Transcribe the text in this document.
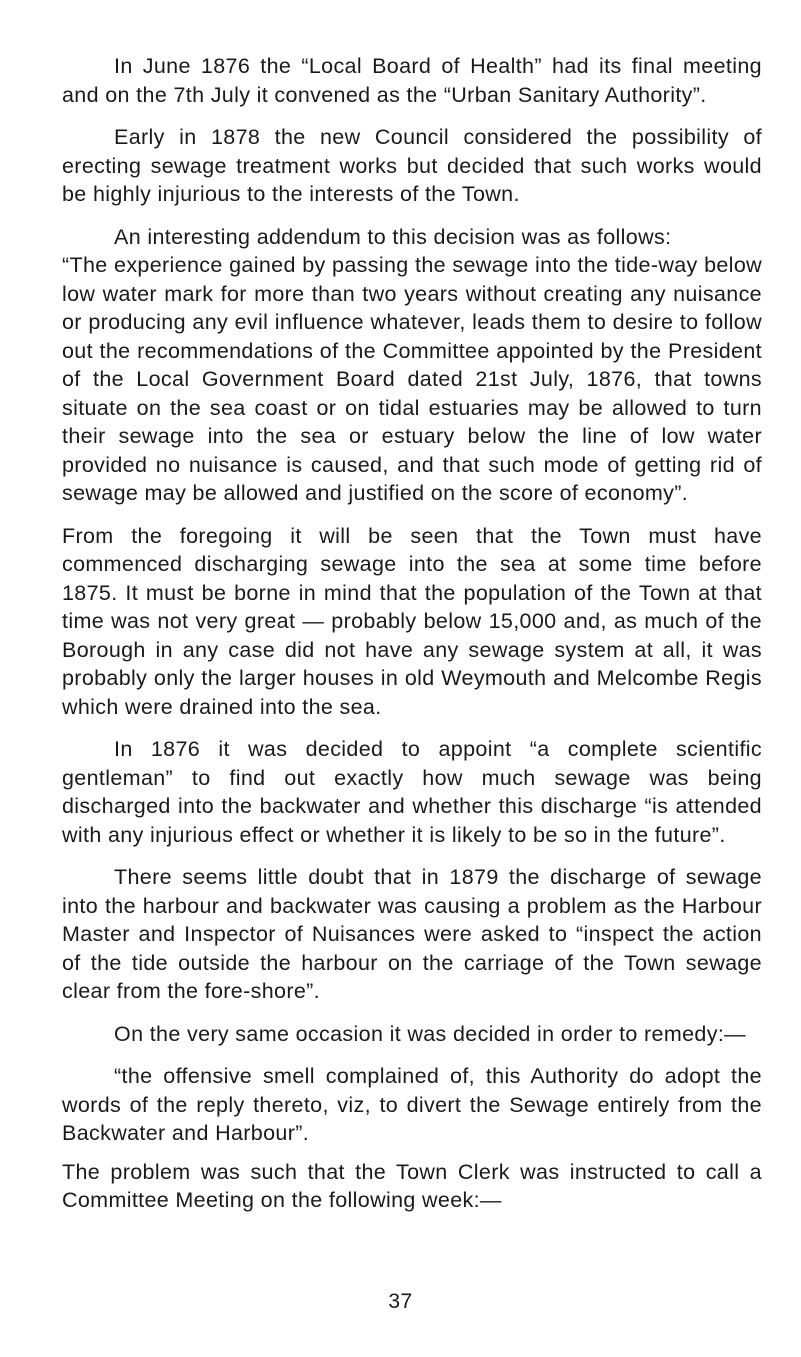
In June 1876 the “Local Board of Health” had its final meeting and on the 7th July it convened as the “Urban Sanitary Authority”.

Early in 1878 the new Council considered the possibility of erecting sewage treatment works but decided that such works would be highly injurious to the interests of the Town.

An interesting addendum to this decision was as follows:

“The experience gained by passing the sewage into the tide-way below low water mark for more than two years without creating any nuisance or producing any evil influence whatever, leads them to desire to follow out the recommendations of the Committee appointed by the President of the Local Government Board dated 21st July, 1876, that towns situate on the sea coast or on tidal estuaries may be allowed to turn their sewage into the sea or estuary below the line of low water provided no nuisance is caused, and that such mode of getting rid of sewage may be allowed and justified on the score of economy”.

From the foregoing it will be seen that the Town must have commenced discharging sewage into the sea at some time before 1875. It must be borne in mind that the population of the Town at that time was not very great — probably below 15,000 and, as much of the Borough in any case did not have any sewage system at all, it was probably only the larger houses in old Weymouth and Melcombe Regis which were drained into the sea.

In 1876 it was decided to appoint “a complete scientific gentleman” to find out exactly how much sewage was being discharged into the backwater and whether this discharge “is attended with any injurious effect or whether it is likely to be so in the future”.

There seems little doubt that in 1879 the discharge of sewage into the harbour and backwater was causing a problem as the Harbour Master and Inspector of Nuisances were asked to “inspect the action of the tide outside the harbour on the carriage of the Town sewage clear from the fore-shore”.

On the very same occasion it was decided in order to remedy:—

“the offensive smell complained of, this Authority do adopt the words of the reply thereto, viz, to divert the Sewage entirely from the Backwater and Harbour”.

The problem was such that the Town Clerk was instructed to call a Committee Meeting on the following week:—

37
